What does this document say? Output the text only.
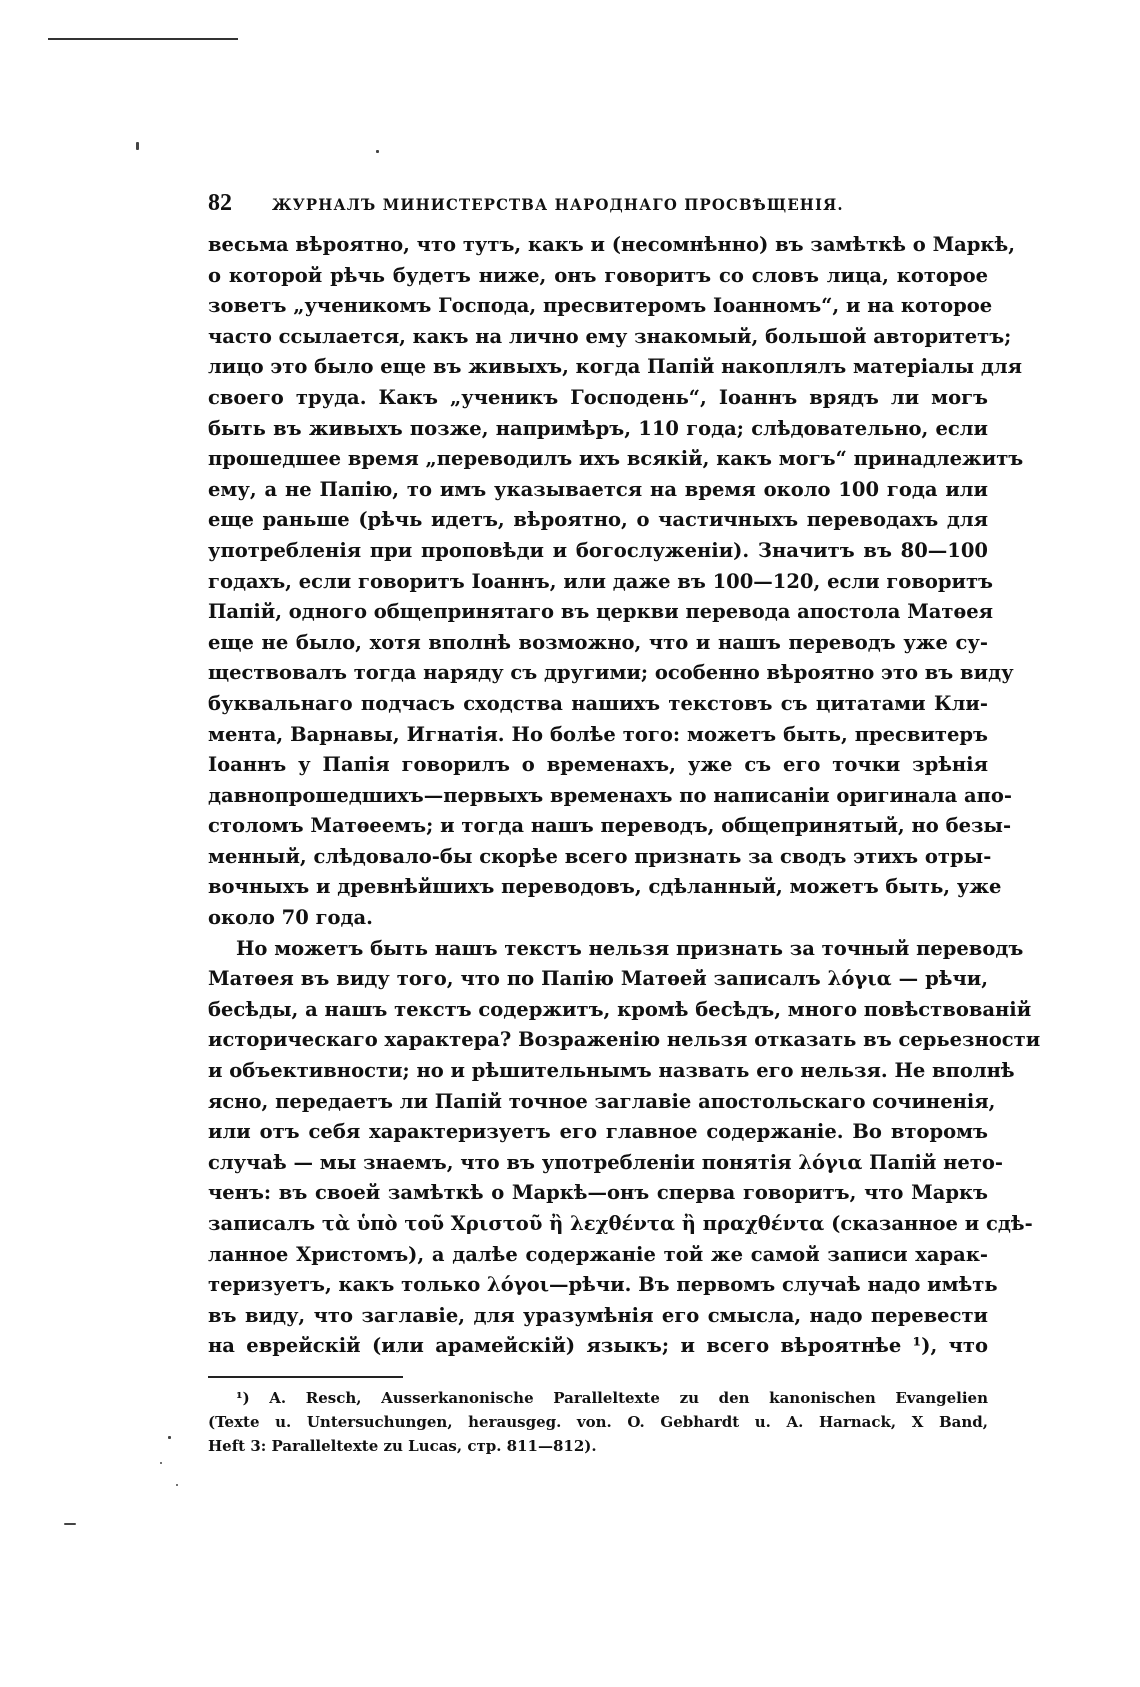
82	ЖУРНАЛЪ МИНИСТЕРСТВА НАРОДНАГО ПРОСВѢЩЕНІЯ.
весьма вѣроятно, что тутъ, какъ и (несомнѣнно) въ замѣткѣ о Маркѣ,
о которой рѣчь будетъ ниже, онъ говоритъ со словъ лица, которое
зоветъ „ученикомъ Господа, пресвитеромъ Іоанномъ“, и на которое
часто ссылается, какъ на лично ему знакомый, большой авторитетъ;
лицо это было еще въ живыхъ, когда Папій накоплялъ матеріалы для
своего труда. Какъ „ученикъ Господень“, Іоаннъ врядъ ли могъ
быть въ живыхъ позже, напримѣръ, 110 года; слѣдовательно, если
прошедшее время „переводилъ ихъ всякій, какъ могъ“ принадлежитъ
ему, а не Папію, то имъ указывается на время около 100 года или
еще раньше (рѣчь идетъ, вѣроятно, о частичныхъ переводахъ для
употребленія при проповѣди и богослуженіи). Значитъ въ 80—100
годахъ, если говоритъ Іоаннъ, или даже въ 100—120, если говоритъ
Папій, одного общепринятаго въ церкви перевода апостола Матѳея
еще не было, хотя вполнѣ возможно, что и нашъ переводъ уже су-
ществовалъ тогда наряду съ другими; особенно вѣроятно это въ виду
буквальнаго подчасъ сходства нашихъ текстовъ съ цитатами Кли-
мента, Варнавы, Игнатія. Но болѣе того: можетъ быть, пресвитеръ
Іоаннъ у Папія говорилъ о временахъ, уже съ его точки зрѣнія
давнопрошедшихъ—первыхъ временахъ по написаніи оригинала апо-
столомъ Матѳеемъ; и тогда нашъ переводъ, общепринятый, но безы-
менный, слѣдовало-бы скорѣе всего признать за сводъ этихъ отры-
вочныхъ и древнѣйшихъ переводовъ, сдѣланный, можетъ быть, уже
около 70 года.
Но можетъ быть нашъ текстъ нельзя признать за точный переводъ
Матѳея въ виду того, что по Папію Матѳей записалъ λόγια — рѣчи,
бесѣды, а нашъ текстъ содержитъ, кромѣ бесѣдъ, много повѣствованій
историческаго характера? Возраженію нельзя отказать въ серьезности
и объективности; но и рѣшительнымъ назвать его нельзя. Не вполнѣ
ясно, передаетъ ли Папій точное заглавіе апостольскаго сочиненія,
или отъ себя характеризуетъ его главное содержаніе. Во второмъ
случаѣ — мы знаемъ, что въ употребленіи понятія λόγια Папій нето-
ченъ: въ своей замѣткѣ о Маркѣ—онъ сперва говоритъ, что Маркъ
записалъ τὰ ὑπὸ τοῦ Χριστοῦ ἢ λεχθέντα ἢ πραχθέντα (сказанное и сдѣ-
ланное Христомъ), а далѣе содержаніе той же самой записи харак-
теризуетъ, какъ только λόγοι—рѣчи. Въ первомъ случаѣ надо имѣть
въ виду, что заглавіе, для уразумѣнія его смысла, надо перевести
на еврейскій (или арамейскій) языкъ; и всего вѣроятнѣе ¹), что
¹) A. Resch, Ausserkanonische Paralleltexte zu den kanonischen Evangelien
(Texte u. Untersuchungen, herausgeg. von. O. Gebhardt u. A. Harnack, X Band,
Heft 3: Paralleltexte zu Lucas, стр. 811—812).
